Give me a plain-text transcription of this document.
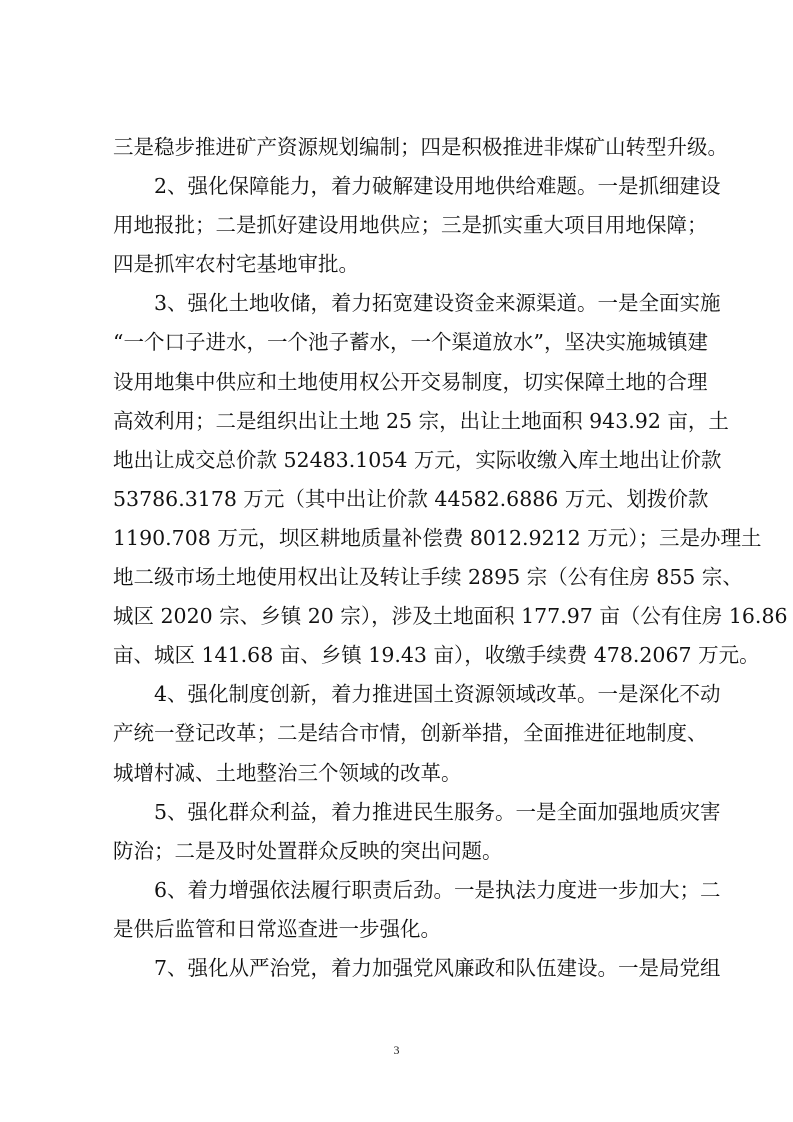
三是稳步推进矿产资源规划编制；四是积极推进非煤矿山转型升级。
2、强化保障能力，着力破解建设用地供给难题。一是抓细建设
用地报批；二是抓好建设用地供应；三是抓实重大项目用地保障；
四是抓牢农村宅基地审批。
3、强化土地收储，着力拓宽建设资金来源渠道。一是全面实施
“一个口子进水，一个池子蓄水，一个渠道放水”，坚决实施城镇建
设用地集中供应和土地使用权公开交易制度，切实保障土地的合理
高效利用；二是组织出让土地 25 宗，出让土地面积 943.92 亩，土
地出让成交总价款 52483.1054 万元，实际收缴入库土地出让价款
53786.3178 万元（其中出让价款 44582.6886 万元、划拨价款
1190.708 万元，坝区耕地质量补偿费 8012.9212 万元）；三是办理土
地二级市场土地使用权出让及转让手续 2895 宗（公有住房 855 宗、
城区 2020 宗、乡镇 20 宗），涉及土地面积 177.97 亩（公有住房 16.86
亩、城区 141.68 亩、乡镇 19.43 亩），收缴手续费 478.2067 万元。
4、强化制度创新，着力推进国土资源领域改革。一是深化不动
产统一登记改革；二是结合市情，创新举措，全面推进征地制度、
城增村减、土地整治三个领域的改革。
5、强化群众利益，着力推进民生服务。一是全面加强地质灾害
防治；二是及时处置群众反映的突出问题。
6、着力增强依法履行职责后劲。一是执法力度进一步加大；二
是供后监管和日常巡查进一步强化。
7、强化从严治党，着力加强党风廉政和队伍建设。一是局党组
3
